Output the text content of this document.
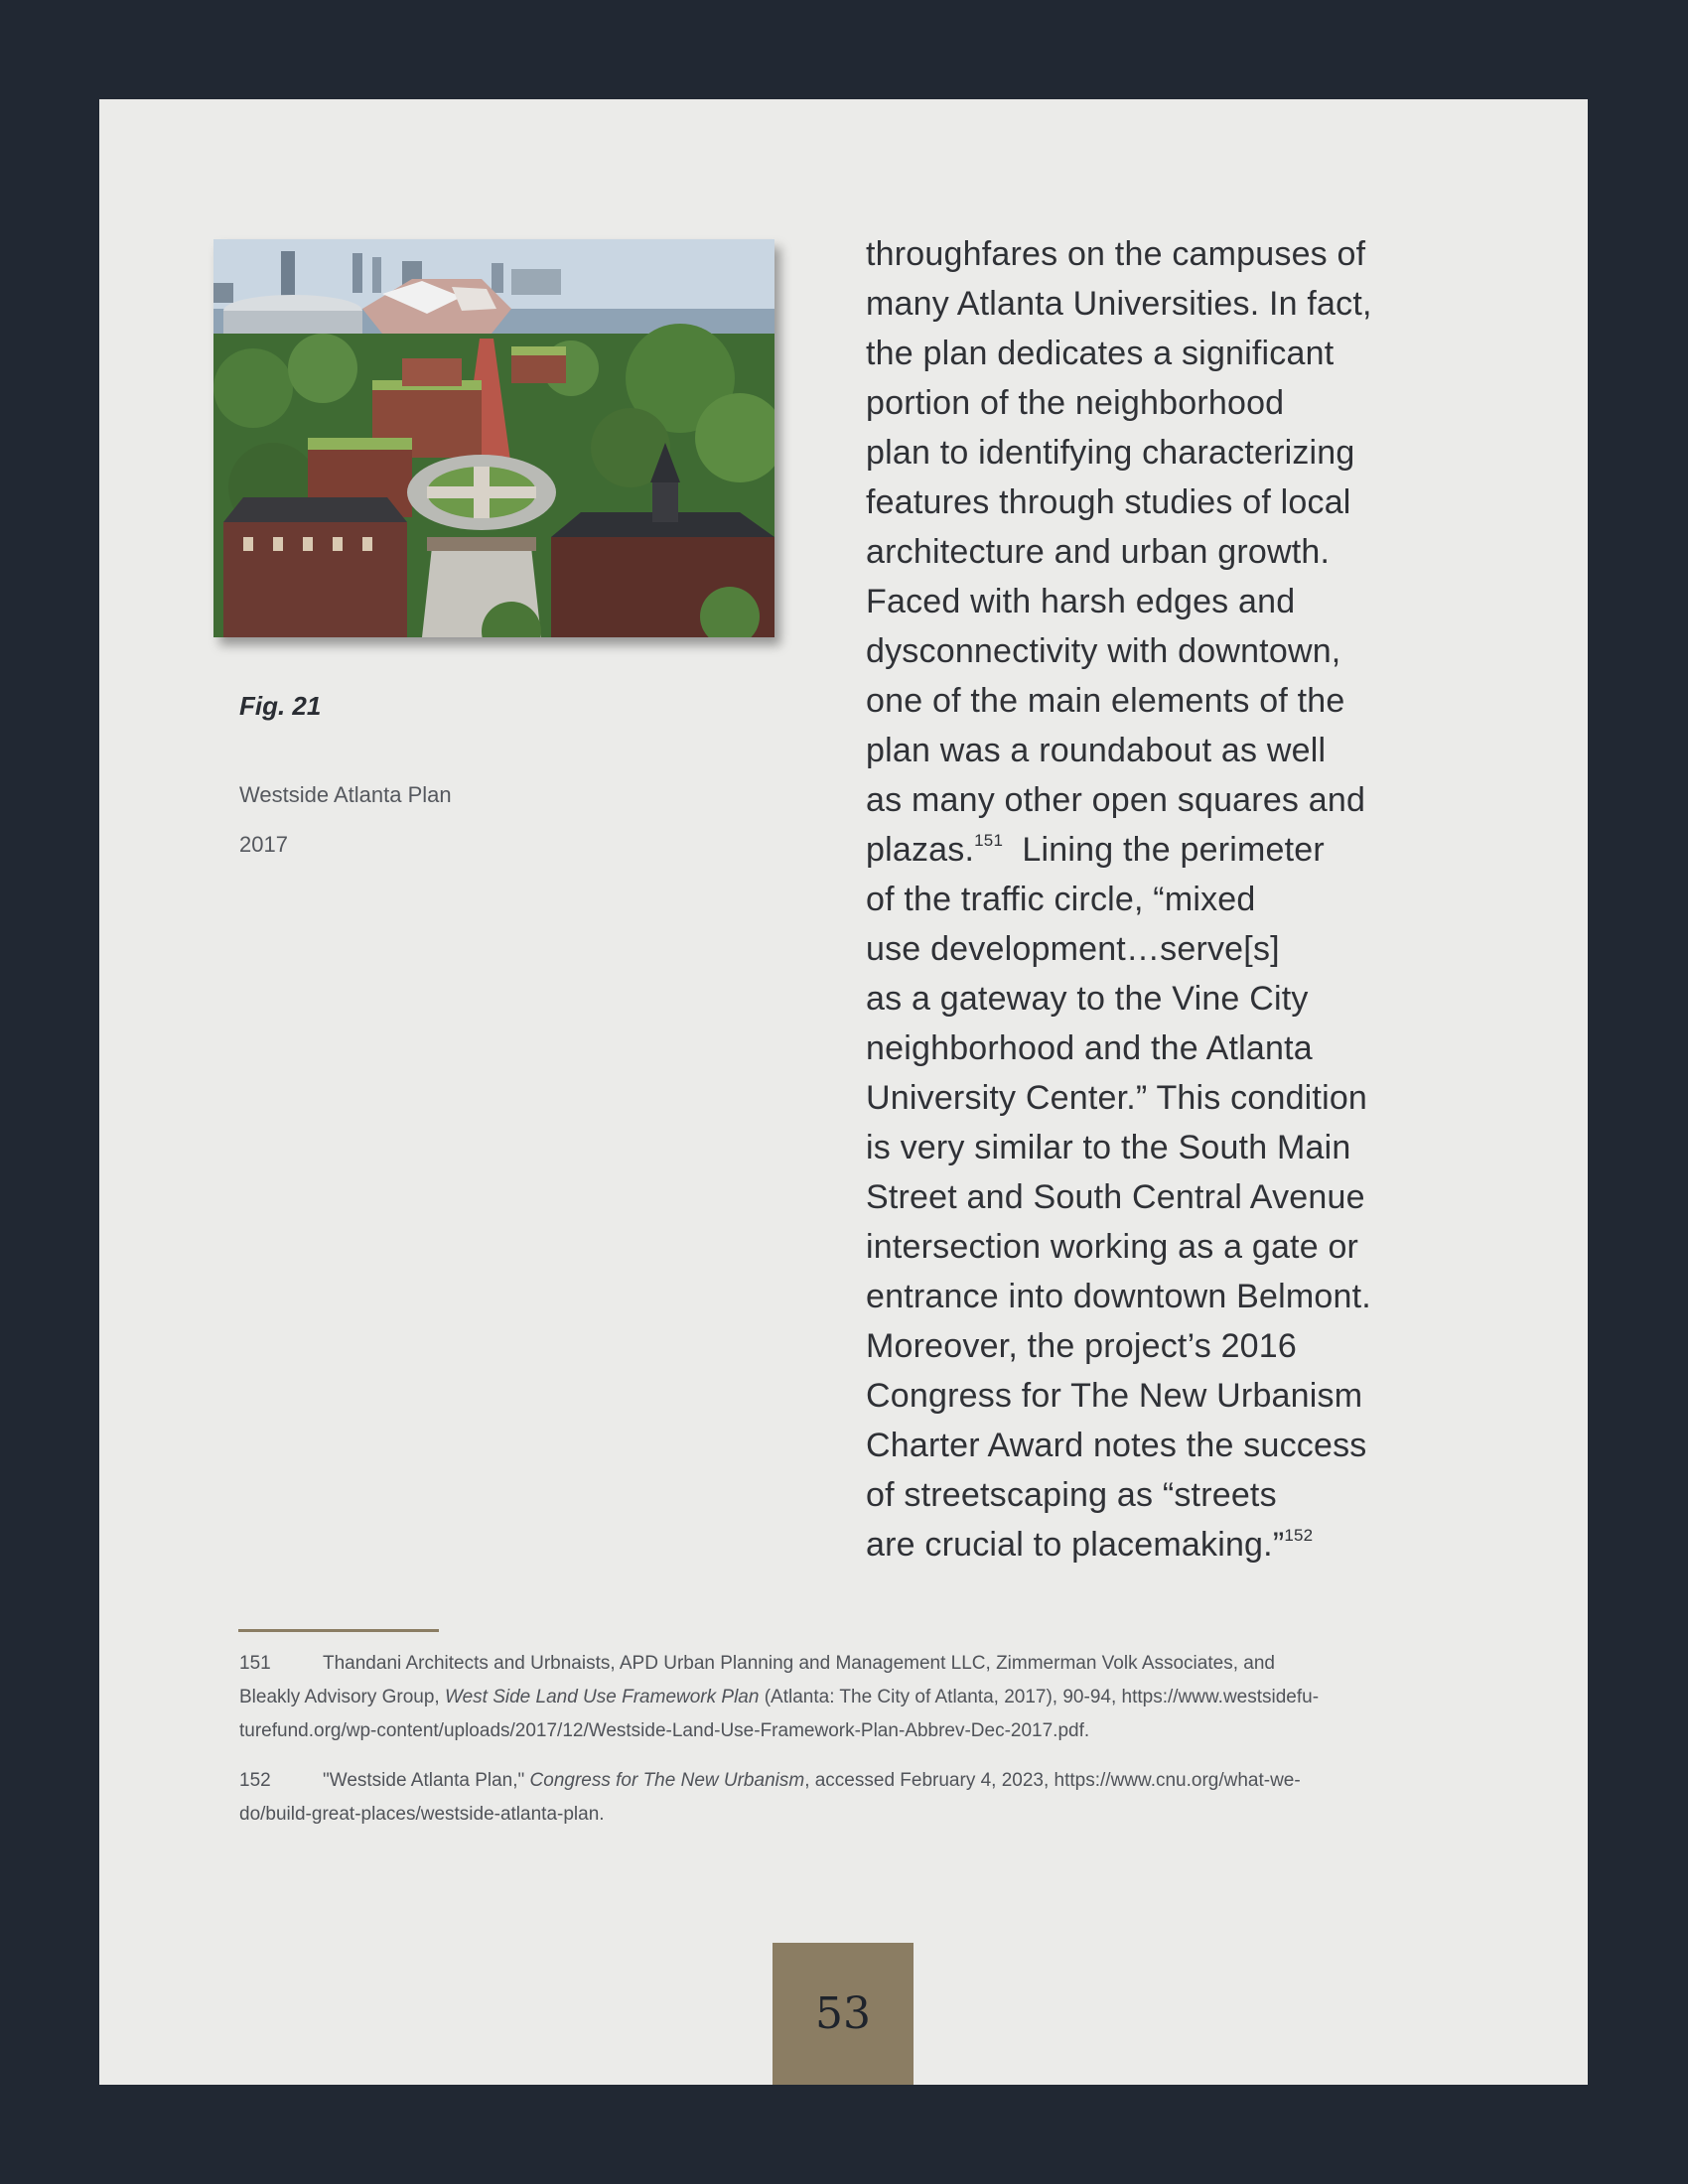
Fig. 21
Westside Atlanta Plan
2017
throughfares on the campuses of
many Atlanta Universities. In fact,
the plan dedicates a significant
portion of the neighborhood
plan to identifying characterizing
features through studies of local
architecture and urban growth.
Faced with harsh edges and
dysconnectivity with downtown,
one of the main elements of the
plan was a roundabout as well
as many other open squares and
plazas.$^{151}$ Lining the perimeter
of the traffic circle, “mixed
use development…serve[s]
as a gateway to the Vine City
neighborhood and the Atlanta
University Center.” This condition
is very similar to the South Main
Street and South Central Avenue
intersection working as a gate or
entrance into downtown Belmont.
Moreover, the project’s 2016
Congress for The New Urbanism
Charter Award notes the success
of streetscaping as “streets
are crucial to placemaking.”$^{152}$
151	Thandani Architects and Urbnaists, APD Urban Planning and Management LLC, Zimmerman Volk Associates, and
Bleakly Advisory Group, West Side Land Use Framework Plan (Atlanta: The City of Atlanta, 2017), 90-94, https://www.westsidefu-
turefund.org/wp-content/uploads/2017/12/Westside-Land-Use-Framework-Plan-Abbrev-Dec-2017.pdf.
152	"Westside Atlanta Plan," Congress for The New Urbanism, accessed February 4, 2023, https://www.cnu.org/what-we-
do/build-great-places/westside-atlanta-plan.
53
